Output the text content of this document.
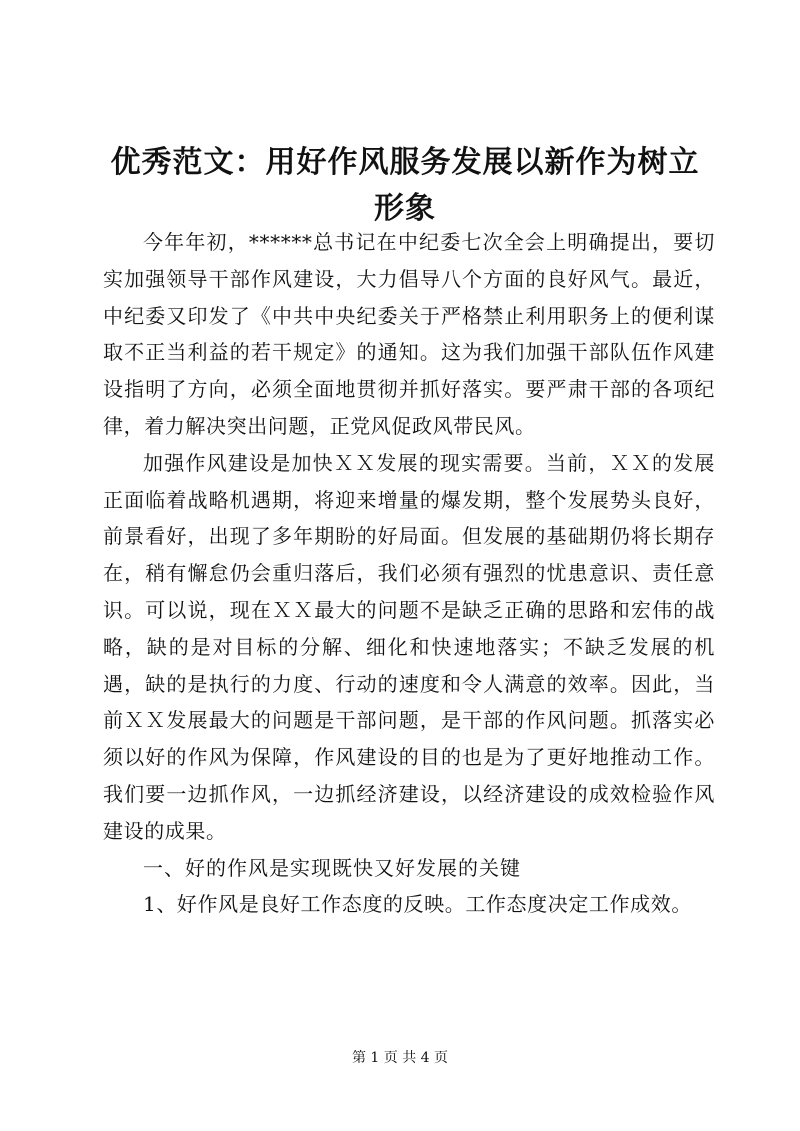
优秀范文：用好作风服务发展以新作为树立形象

今年年初，******总书记在中纪委七次全会上明确提出，要切实加强领导干部作风建设，大力倡导八个方面的良好风气。最近，中纪委又印发了《中共中央纪委关于严格禁止利用职务上的便利谋取不正当利益的若干规定》的通知。这为我们加强干部队伍作风建设指明了方向，必须全面地贯彻并抓好落实。要严肃干部的各项纪律，着力解决突出问题，正党风促政风带民风。

加强作风建设是加快ＸＸ发展的现实需要。当前，ＸＸ的发展正面临着战略机遇期，将迎来增量的爆发期，整个发展势头良好，前景看好，出现了多年期盼的好局面。但发展的基础期仍将长期存在，稍有懈怠仍会重归落后，我们必须有强烈的忧患意识、责任意识。可以说，现在ＸＸ最大的问题不是缺乏正确的思路和宏伟的战略，缺的是对目标的分解、细化和快速地落实；不缺乏发展的机遇，缺的是执行的力度、行动的速度和令人满意的效率。因此，当前ＸＸ发展最大的问题是干部问题，是干部的作风问题。抓落实必须以好的作风为保障，作风建设的目的也是为了更好地推动工作。我们要一边抓作风，一边抓经济建设，以经济建设的成效检验作风建设的成果。

一、好的作风是实现既快又好发展的关键

1、好作风是良好工作态度的反映。工作态度决定工作成效。

第 1 页 共 4 页
